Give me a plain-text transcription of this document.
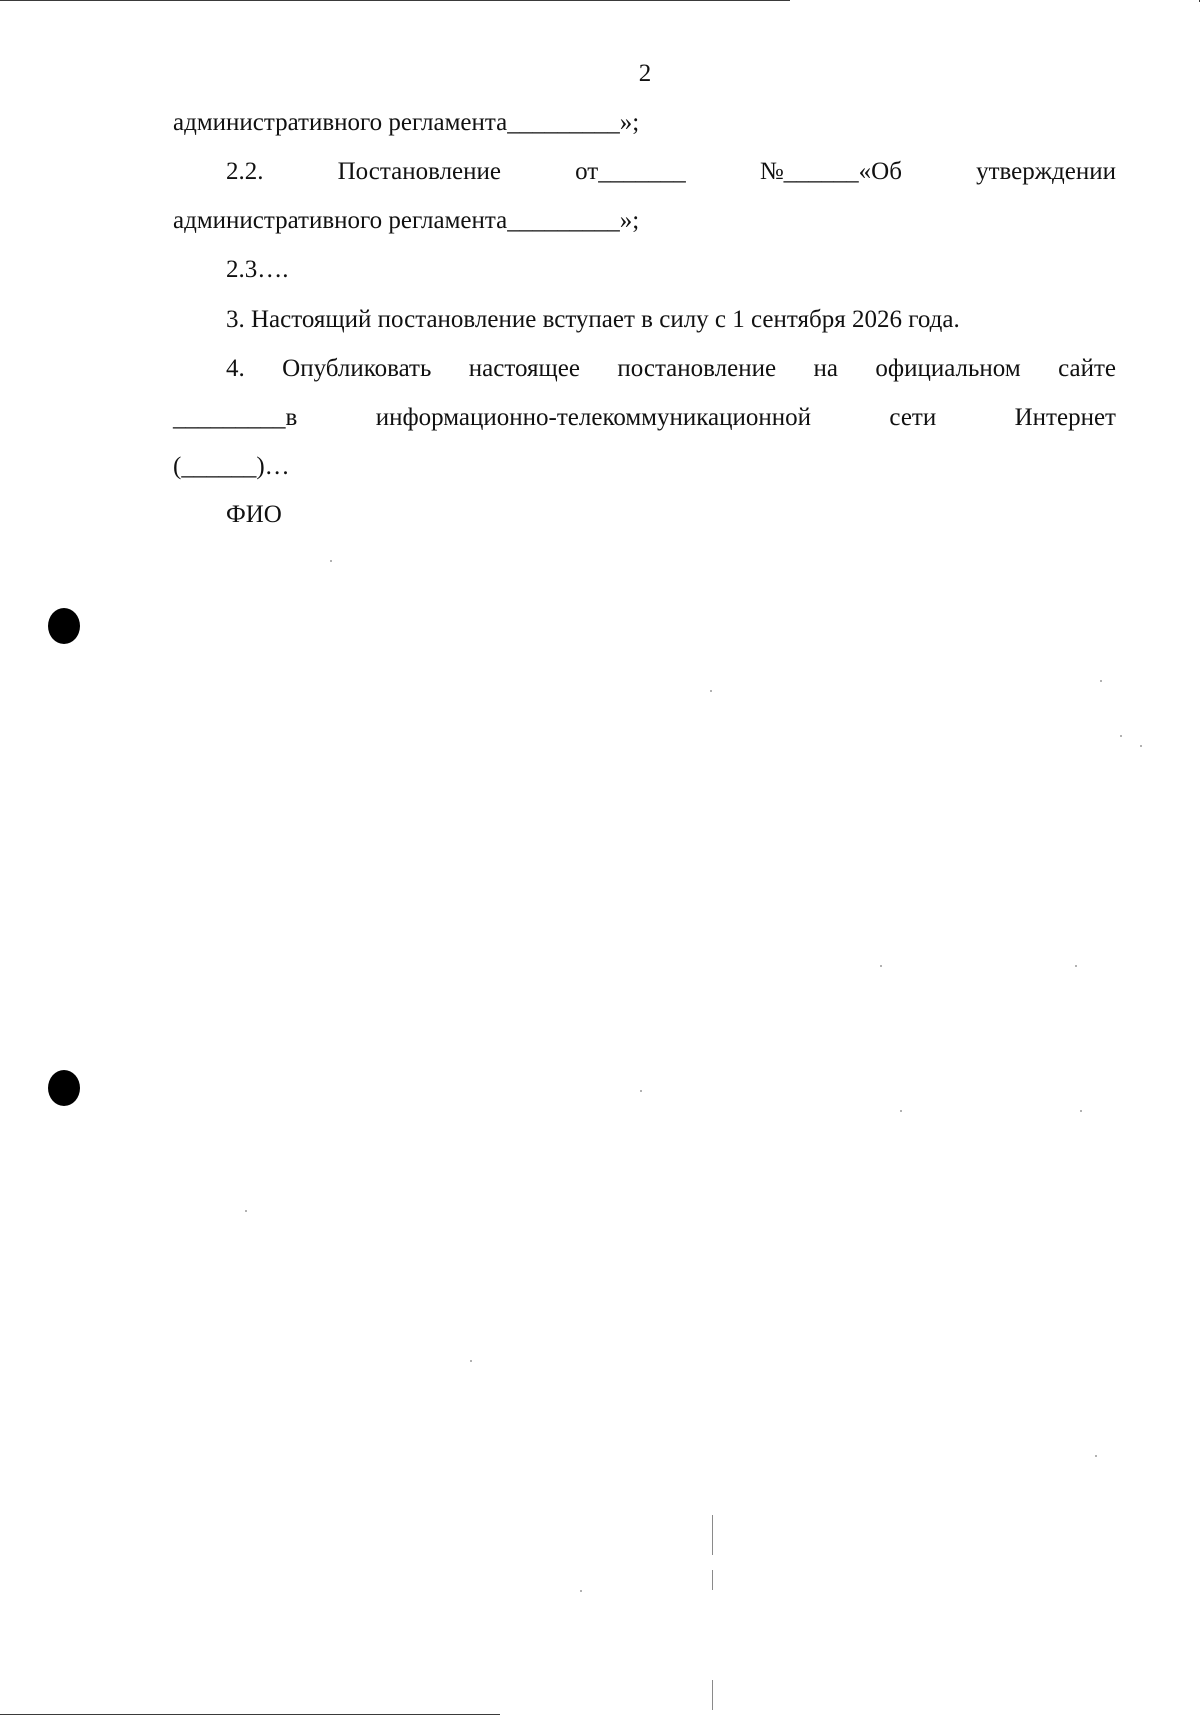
2
административного регламента_________»;
2.2.	Постановление	от_______	№______«Об	утверждении
административного регламента_________»;
2.3….
3. Настоящий постановление вступает в силу с 1 сентября 2026 года.
4. Опубликовать настоящее постановление на официальном сайте
_________в	информационно-телекоммуникационной	сети	Интернет
(______)…
ФИО
